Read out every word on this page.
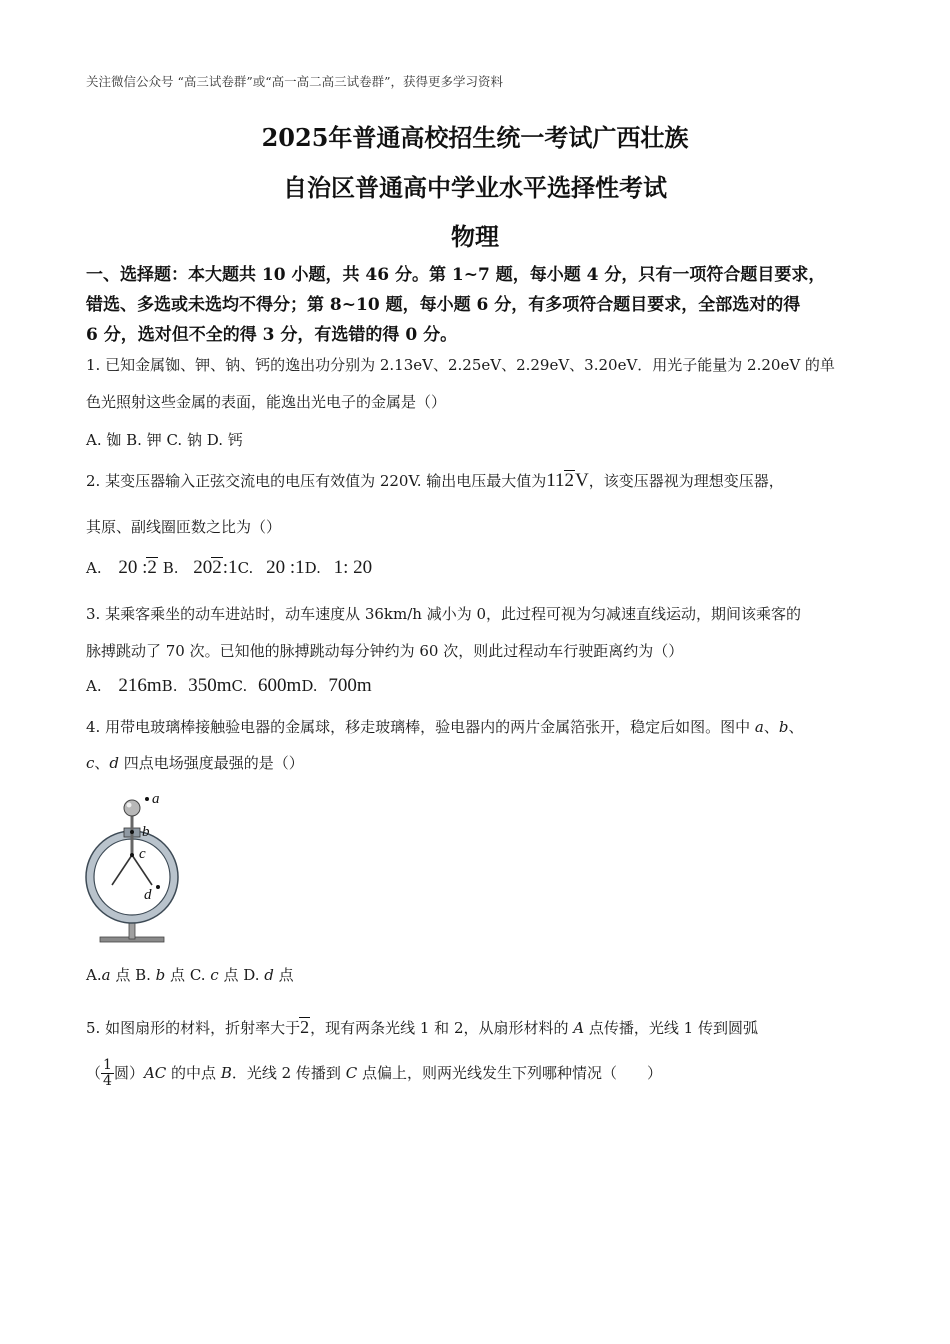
关注微信公众号 “高三试卷群”或“高一高二高三试卷群”，获得更多学习资料
2025年普通高校招生统一考试广西壮族
自治区普通高中学业水平选择性考试
物理
一、选择题：本大题共 10 小题，共 46 分。第 1~7 题，每小题 4 分，只有一项符合题目要求，
错选、多选或未选均不得分；第 8~10 题，每小题 6 分，有多项符合题目要求，全部选对的得
6 分，选对但不全的得 3 分，有选错的得 0 分。
1. 已知金属铷、钾、钠、钙的逸出功分别为 2.13eV、2.25eV、2.29eV、3.20eV．用光子能量为 2.20eV 的单
色光照射这些金属的表面，能逸出光电子的金属是（）
A. 铷 B. 钾 C. 钠 D. 钙
2. 某变压器输入正弦交流电的电压有效值为 220V. 输出电压最大值为112V，该变压器视为理想变压器，
其原、副线圈匝数之比为（）
A. 20 :2 B. 202:1C. 20 :1D. 1: 20
3. 某乘客乘坐的动车进站时，动车速度从 36km/h 减小为 0，此过程可视为匀减速直线运动，期间该乘客的
脉搏跳动了 70 次。已知他的脉搏跳动每分钟约为 60 次，则此过程动车行驶距离约为（）
A. 216mB. 350mC. 600mD. 700m
4. 用带电玻璃棒接触验电器的金属球，移走玻璃棒，验电器内的两片金属箔张开，稳定后如图。图中 a、b、
c、d 四点电场强度最强的是（）
a
b
c
d
A.a 点 B. b 点 C. c 点 D. d 点
5. 如图扇形的材料，折射率大于2，现有两条光线 1 和 2，从扇形材料的 A 点传播，光线 1 传到圆弧
（ $\frac{1}{4}$ 圆）AC 的中点 B．光线 2 传播到 C 点偏上，则两光线发生下列哪种情况（　　）
